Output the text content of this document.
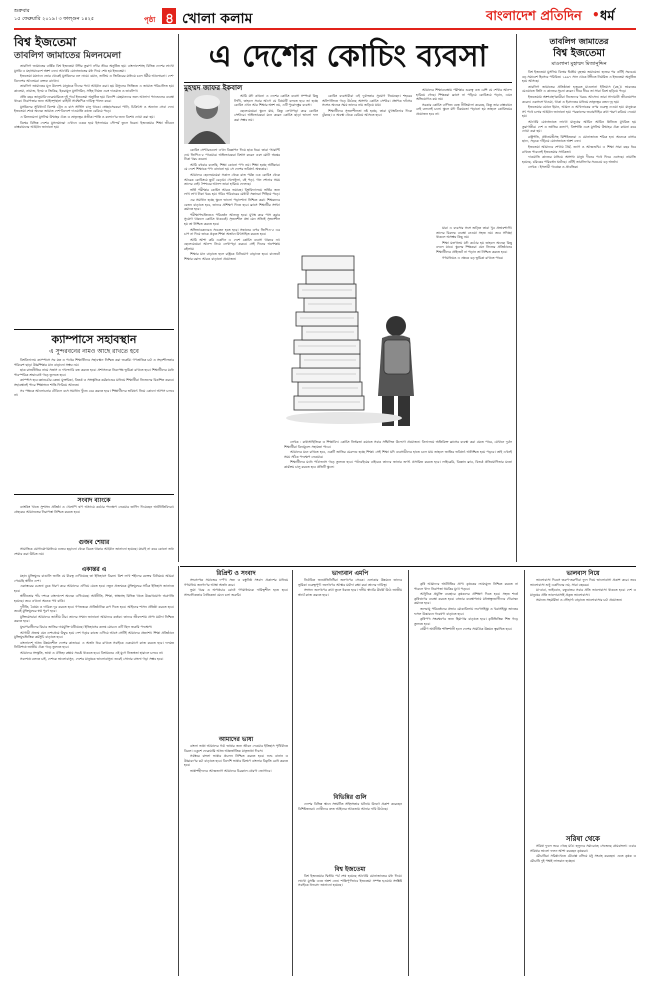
শুক্রবার
১৫ ফেব্রুয়ারি ২০১৯। ৩ ফাল্গুন ১৪২৫	পৃষ্ঠা ৪ খোলা কলাম	বাংলাদেশ প্রতিদিন • ধর্ম
বিশ্ব ইজতেমা
তাবলিগ জামাতের মিলনমেলা

তাবলিগ জামাতের বার্ষিক বিশ্ব ইজতেমা টঙ্গীর তুরাগ নদীর তীরে অনুষ্ঠিত হয়। বাংলাদেশসহ বিভিন্ন দেশের লাখো মুসল্লি এ মহাসমাবেশে অংশ নেন। আখেরি মোনাজাতের মধ্য দিয়ে শেষ হয় ইজতেমা।

ইজতেমা ময়দানে ভোর থেকেই মুসল্লিদের ঢল নামে। বয়ান, তালিম ও জিকিরের মাধ্যমে চলে ধর্মীয় আলোচনা। দেশ-বিদেশের আলেমরা বক্তব্য রাখেন।

তাবলিগ জামাতের মূল উদ্দেশ্য মানুষকে দীনের পথে আহ্বান করা। ছয় উসুলের ভিত্তিতে এ জামাত পরিচালিত হয়। কালেমা, নামাজ, ইলম ও জিকির, ইকরামুল মুসলিমিন, সহিহ নিয়ত এবং দাওয়াত ও তাবলিগ।

প্রতি বছর জানুয়ারি-ফেব্রুয়ারিতে দুই পর্বে ইজতেমা অনুষ্ঠিত হয়। বিদেশি মেহমানদের জন্য আলাদা প্যান্ডেলের ব্যবস্থা থাকে। নিরাপত্তার জন্য আইনশৃঙ্খলা বাহিনী সার্বক্ষণিক দায়িত্ব পালন করে।

মুসল্লিদের সুবিধার্থে বিশেষ ট্রেন ও বাস সার্ভিস চালু থাকে। স্বেচ্ছাসেবকরা পানি, চিকিৎসা ও অন্যান্য সেবা দেন। ইজতেমা শেষে অনেক জামাত দেশ-বিদেশে দাওয়াতি কাজে বেরিয়ে পড়ে।

এ মিলনমেলা মুসলিম উম্মাহর ঐক্য ও ভ্রাতৃত্বের প্রতীক। শান্তি ও কল্যাণের জন্য বিশেষ দোয়া করা হয়।

বিশ্বের বিভিন্ন দেশের মুসলমানরা এখানে একত্র হয়ে ইসলামের সৌন্দর্য তুলে ধরেন। ইজতেমার শিক্ষা জীবনে বাস্তবায়নের আহ্বান জানানো হয়।

ক্যাম্পাসে সহাবস্থান
এ সুন্দরবনের নামও আছে রাখতে হবে

বিশ্ববিদ্যালয় ক্যাম্পাসে সব মত ও পথের শিক্ষার্থীদের সহাবস্থান নিশ্চিত করা জরুরি। গণতান্ত্রিক চর্চা ও সহনশীলতার পরিবেশ ছাড়া উচ্চশিক্ষার মান বাড়ানো সম্ভব নয়।

ছাত্র রাজনীতির নামে সন্ত্রাস ও দখলদারি বন্ধ করতে হবে। প্রশাসনকে নিরপেক্ষ ভূমিকা রাখতে হবে। শিক্ষার্থীদের মধ্যে পারস্পরিক শ্রদ্ধাবোধ গড়ে তুলতে হবে।

ক্যাম্পাস হবে জ্ঞানচর্চার কেন্দ্র। মুক্তচিন্তা, বিতর্ক ও সাংস্কৃতিক কর্মকাণ্ডের মাধ্যমে শিক্ষার্থীরা নিজেদের বিকশিত করবে। সহাবস্থানই পারে শিক্ষাঙ্গনে শান্তি ফিরিয়ে আনতে।

সব পক্ষকে আলোচনার টেবিলে বসে সমাধান খুঁজে বের করতে হবে। শিক্ষার্থীদের ভবিষ্যৎ নিয়ে কোনো আপস চলবে না।

সংবাদ ব্যাংকে

ব্যাংকিং খাতে সুশাসন প্রতিষ্ঠা ও খেলাপি ঋণ আদায়ে কঠোর পদক্ষেপ নেওয়ার তাগিদ দিয়েছেন অর্থনীতিবিদরা। গ্রাহকের আমানতের নিরাপত্তা নিশ্চিত করতে হবে।

গুজব শেয়ার

সামাজিক যোগাযোগমাধ্যমে গুজব ছড়ানো থেকে বিরত থাকার আহ্বান জানানো হয়েছে। যাচাই না করে কোনো তথ্য শেয়ার করা উচিত নয়।

এ দেশের কোচিং ব্যবসা
মুহম্মদ জাফর ইকবাল

আমি যদি কখনো এ দেশের কোচিং ব্যবসা সম্পর্কে কিছু লিখি, তাহলে সবার আগে যে বিষয়টি বলতে হবে তা হচ্ছে কোচিং এখন আর শিক্ষার অংশ নয়, এটি পুরোদস্তুর ব্যবসা।

ছেলেমেয়েরা স্কুলে যায়, কিন্তু লেখাপড়া করে কোচিং সেন্টারে। অভিভাবকরা মনে করেন কোচিং ছাড়া ভালো ফল করা সম্ভব নয়।

কোচিং ব্যবসায়ীরা এই দুর্বলতার সুযোগ নিয়েছেন। শহরের অলিগলিতে গড়ে উঠেছে অসংখ্য কোচিং সেন্টার। প্রশ্নপত্র ফাঁসের সঙ্গেও অনেক সময় তাদের নাম জড়িয়ে যায়।

শিক্ষার্থীদের সৃজনশীলতা নষ্ট হচ্ছে, তারা মুখস্থবিদ্যার দিকে ঝুঁকছে। এ অবস্থা থেকে বেরিয়ে আসতে হবে।

আমাদের শিক্ষাব্যবস্থায় পরীক্ষার গুরুত্ব এত বেশি যে শেখার আনন্দ হারিয়ে গেছে। শিক্ষকরা ক্লাসে না পড়িয়ে কোচিংয়ে পড়ান, এমন অভিযোগও কম নয়।

সরকার কোচিং বাণিজ্য বন্ধে নীতিমালা করেছে, কিন্তু তার বাস্তবায়ন নেই বললেই চলে। স্কুলে যদি ঠিকমতো পড়ানো হয় তাহলে কোচিংয়ের প্রয়োজন হবে না।

কোচিং সেন্টারগুলো এখন বিজ্ঞাপন দিয়ে ছাত্র ধরে। তারা গ্যারান্টি দেয় জিপিএ-৫ পাওয়ার। অভিভাবকরা বিশ্বাস করেন এবং মোটা অঙ্কের টাকা খরচ করেন।

আমি বহুবার বলেছি, শিক্ষা কোনো পণ্য নয়। শিক্ষা হচ্ছে অধিকার। যে দেশে শিক্ষাকে পণ্য বানানো হয় সে দেশের ভবিষ্যৎ অন্ধকার।

আমাদের ছেলেমেয়েরা সকাল থেকে রাত পর্যন্ত এক কোচিং থেকে আরেক কোচিংয়ে ছুটে বেড়ায়। খেলাধুলা, বই পড়া, গান শোনার সময় তাদের নেই। শৈশবের আনন্দ তারা হারিয়ে ফেলছে।

ভর্তি পরীক্ষার কোচিং আরও ভয়াবহ। বিশ্ববিদ্যালয়ে ভর্তির জন্য লাখ লাখ টাকা খরচ হয়। গরিব পরিবারের মেধাবী সন্তানরা পিছিয়ে পড়ে।

এর সমাধান হচ্ছে স্কুলে ভালো পড়াশোনা নিশ্চিত করা। শিক্ষকদের বেতন বাড়াতে হবে, তাদের প্রশিক্ষণ দিতে হবে। ক্লাসে শিক্ষার্থীর সংখ্যা কমাতে হবে।

পরীক্ষাপদ্ধতিতেও পরিবর্তন আনতে হবে। মুখস্থ করে পাস করার সুযোগ থাকলে কোচিং থাকবেই। সৃজনশীল প্রশ্ন যেন সত্যিই সৃজনশীল হয় তা নিশ্চিত করতে হবে।

অভিভাবকদেরও সচেতন হতে হবে। সন্তানের ওপর জিপিএ-৫ এর চাপ না দিয়ে তাকে প্রকৃত শিক্ষা অর্জনে উৎসাহিত করতে হবে।

আমি আশা করি একদিন এ দেশে কোচিং ব্যবসা থাকবে না। ছেলেমেয়েরা আনন্দ নিয়ে লেখাপড়া করবে। সেই দিনের অপেক্ষায় রইলাম।

শিক্ষার মান বাড়াতে হলে রাষ্ট্রকে বিনিয়োগ বাড়াতে হবে। বাজেটে শিক্ষার বরাদ্দ আরও বাড়ানো প্রয়োজন।

যারা এ ব্যবসার সঙ্গে জড়িত তারা খুব প্রভাবশালী। তাদের বিরুদ্ধে ব্যবস্থা নেওয়া সহজ নয়। তবে সদিচ্ছা থাকলে অসম্ভব কিছু নয়।

শিক্ষা মন্ত্রণালয় যদি কঠোর হয় তাহলে অনেক কিছু বদলে যাবে। স্কুলের শিক্ষকরা যেন নিজের প্রতিষ্ঠানের শিক্ষার্থীদের প্রাইভেট না পড়ান তা নিশ্চিত করতে হবে।

গণমাধ্যমও এ ক্ষেত্রে বড় ভূমিকা রাখতে পারে।

লেখক : কথাসাহিত্যিক ও শিক্ষাবিদ। কোচিং নির্ভরতা কমাতে সবার সম্মিলিত উদ্যোগ প্রয়োজন। বিদ্যালয়ে অতিরিক্ত ক্লাসের ব্যবস্থা করা যেতে পারে, যেখানে দুর্বল শিক্ষার্থীরা বিনামূল্যে সহায়তা পাবে।

আমাদের মনে রাখতে হবে, একটি জাতির মেরুদণ্ড হচ্ছে শিক্ষা। সেই শিক্ষা যদি ব্যবসায়ীদের হাতে চলে যায় তাহলে জাতির ভবিষ্যৎ অনিশ্চিত হয়ে পড়বে। তাই এখনই সময় সঠিক পদক্ষেপ নেওয়ার।

শিক্ষার্থীদের মধ্যে পাঠাভ্যাস গড়ে তুলতে হবে। পাঠ্যবইয়ের বাইরেও তাদের জানার জগৎ প্রসারিত করতে হবে। লাইব্রেরি, বিজ্ঞান ক্লাব, বিতর্ক প্রতিযোগিতার মতো কার্যক্রম চালু করতে হবে প্রতিটি স্কুলে।

তাবলিগ জামাতের
বিশ্ব ইজতেমা
মাওলানা মুহাম্মদ মিজানুদ্দিন

বিশ্ব ইজতেমা মুসলিম বিশ্বের দ্বিতীয় বৃহত্তম জমায়েত। হজের পর এটিই সবচেয়ে বড় সমাবেশ হিসেবে পরিচিত। ১৯৬৭ সাল থেকে টঙ্গীতে নিয়মিত এ ইজতেমা অনুষ্ঠিত হয়ে আসছে।

তাবলিগ জামাতের প্রতিষ্ঠাতা হজরত মাওলানা ইলিয়াস (রহ.)। ভারতের মেওয়াতে তিনি এ কাজের সূচনা করেন। ধীরে ধীরে তা সারা বিশ্বে ছড়িয়ে পড়ে।

ইজতেমায় অংশগ্রহণকারীরা নিজেদের খরচে আসেন। তারা সাদামাটা জীবনযাপন করেন। একসঙ্গে খাওয়া, থাকা ও ইবাদতের মাধ্যমে ভ্রাতৃত্বের বন্ধন দৃঢ় হয়।

ইজতেমার বয়ানে ইমান, আমল ও আখলাকের ওপর গুরুত্ব দেওয়া হয়। মানুষকে সৎ পথে চলার আহ্বান জানানো হয়। পরকালের জবাবদিহির কথা স্মরণ করিয়ে দেওয়া হয়।

আখেরি মোনাজাতে লাখো মানুষের আমিন আমিন ধ্বনিতে মুখরিত হয় তুরাগতীর। দেশ ও জাতির কল্যাণ, বিশ্বশান্তি এবং মুসলিম উম্মাহর ঐক্য কামনা করে দোয়া করা হয়।

রাষ্ট্রপতি, প্রধানমন্ত্রীসহ বিশিষ্টজনরা এ মোনাজাতে শরিক হন। অনেকে বাসার ছাদে, সড়কে দাঁড়িয়ে মোনাজাতে অংশ নেন।

ইজতেমা আমাদের শেখায় ধৈর্য, ত্যাগ ও আত্মশুদ্ধি। এ শিক্ষা সারা বছর ধরে রাখতে পারলেই ইজতেমার সার্থকতা।

দাওয়াতি কাজের মাধ্যমে অসংখ্য মানুষ দীনের পথে ফিরে এসেছে। নামাজি হয়েছে, চরিত্রের পরিবর্তন ঘটেছে। এটিই তাবলিগের সবচেয়ে বড় অর্জন।

লেখক : ইসলামী গবেষক ও প্রাবন্ধিক।

একান্তর এ

মহান মুক্তিযুদ্ধে বাঙালি জাতি যে বীরত্ব দেখিয়েছে তা ইতিহাসে বিরল। ত্রিশ লাখ শহীদের রক্তের বিনিময়ে আমরা পেয়েছি স্বাধীন দেশ।

একাত্তরের চেতনা বুকে ধারণ করে আমাদের এগিয়ে যেতে হবে। নতুন প্রজন্মকে মুক্তিযুদ্ধের সঠিক ইতিহাস জানাতে হবে।

স্বাধীনতার পাঁচ দশকে বাংলাদেশ অনেক এগিয়েছে। অর্থনীতি, শিক্ষা, স্বাস্থ্যসহ বিভিন্ন খাতে উল্লেখযোগ্য অগ্রগতি হয়েছে। তবে এখনো অনেক পথ বাকি।

দুর্নীতি, বৈষম্য ও দারিদ্র্য দূর করতে হবে। গণতন্ত্রকে প্রাতিষ্ঠানিক রূপ দিতে হবে। আইনের শাসন প্রতিষ্ঠা করতে হবে। তবেই মুক্তিযুদ্ধের স্বপ্ন পূরণ হবে।

মুক্তিযোদ্ধারা আমাদের জাতীয় বীর। তাদের সম্মান জানানো আমাদের কর্তব্য। তাদের জীবদ্দশায় প্রাপ্য মর্যাদা নিশ্চিত করতে হবে।

যুদ্ধাপরাধীদের বিচার জাতির দায়মুক্তি ঘটিয়েছে। ইতিহাসের কলঙ্ক মোচনে এটি ছিল জরুরি পদক্ষেপ।

আগামী প্রজন্ম যেন দেশপ্রেমে উদ্বুদ্ধ হয়ে দেশ গড়ার কাজে এগিয়ে আসে সেটিই আমাদের প্রত্যাশা। শিক্ষা প্রতিষ্ঠানে মুক্তিযুদ্ধভিত্তিক কর্মসূচি বাড়াতে হবে।

বাংলাদেশ আজ উন্নয়নশীল দেশের কাতারে। এ অর্জন ধরে রাখতে সবাইকে একযোগে কাজ করতে হবে। দলমত নির্বিশেষে জাতীয় ঐক্য গড়ে তুলতে হবে।

আমাদের সংস্কৃতি, ভাষা ও ঐতিহ্য রক্ষায় সচেষ্ট থাকতে হবে। বিশ্বায়নের এই যুগে নিজস্বতা হারালে চলবে না।

সবশেষে বলতে চাই, দেশকে ভালোবাসুন, দেশের মানুষকে ভালোবাসুন। তবেই সোনার বাংলা গড়া সম্ভব হবে।

রিপ্রিন্ট ও সংবাদ

সংবাদপত্র সমাজের দর্পণ। সত্য ও বস্তুনিষ্ঠ সংবাদ প্রকাশের মাধ্যমে গণমাধ্যম জনগণের আস্থা অর্জন করে।

ভুয়া খবর ও অপপ্রচার রোধে গণমাধ্যমকে দায়িত্বশীল হতে হবে। সাংবাদিকতার নৈতিকতা মেনে চলা জরুরি।

আমাদের ভাষা

বাংলা ভাষা আমাদের গর্ব। ভাষার জন্য জীবন দেওয়ার ইতিহাস পৃথিবীতে বিরল। একুশে ফেব্রুয়ারি আজ আন্তর্জাতিক মাতৃভাষা দিবস।

সর্বস্তরে বাংলা ভাষার প্রচলন নিশ্চিত করতে হবে। শুদ্ধ বানান ও উচ্চারণের চর্চা বাড়াতে হবে। বিদেশি ভাষার মিশ্রণে বাংলার বিকৃতি রোধ করতে হবে।

ভাষাশহীদদের আত্মত্যাগ আমাদের চিরকাল প্রেরণা জোগাবে।

ভাগ্যবান এমপি

নির্বাচিত জনপ্রতিনিধিরা জনগণের সেবক। এলাকার উন্নয়নে তাদের ভূমিকা গুরুত্বপূর্ণ। জনগণের আস্থার মর্যাদা রক্ষা করা তাদের দায়িত্ব।

সংসদে জনগণের কথা তুলে ধরতে হবে। দলীয় স্বার্থের ঊর্ধ্বে উঠে জাতীয় স্বার্থে কাজ করতে হবে।

বিভিন্নির গুলি

দেশের বিভিন্ন স্থানে সংঘটিত সহিংসতার ঘটনায় উদ্বেগ প্রকাশ করেছেন বিশিষ্টজনরা। দোষীদের দ্রুত আইনের আওতায় আনার দাবি উঠেছে।

বিশ্ব ইজতেমা

বিশ্ব ইজতেমার দ্বিতীয় পর্ব শেষ হয়েছে আখেরি মোনাজাতের মধ্য দিয়ে। লাখো মুসল্লি এতে অংশ নেন। শান্তিপূর্ণভাবে ইজতেমা সম্পন্ন হওয়ায় সংশ্লিষ্ট সবাইকে ধন্যবাদ জানানো হয়েছে।

কৃষি আমাদের অর্থনীতির প্রাণ। কৃষকের ন্যায্যমূল্য নিশ্চিত করতে না পারলে খাদ্য নিরাপত্তা হুমকির মুখে পড়বে।

আধুনিক প্রযুক্তি ব্যবহারে কৃষকদের প্রশিক্ষণ দিতে হবে। সহজ শর্তে কৃষিঋণের ব্যবস্থা করতে হবে। বাজার ব্যবস্থাপনায় মধ্যস্বত্বভোগীদের দৌরাত্ম্য কমাতে হবে।

জলবায়ু পরিবর্তনের প্রভাব মোকাবিলায় লবণসহিষ্ণু ও খরাসহিষ্ণু জাতের ফসল উদ্ভাবনে গবেষণা বাড়াতে হবে।

কৃষিপণ্য সংরক্ষণের জন্য হিমাগার বাড়াতে হবে। কৃষিভিত্তিক শিল্প গড়ে তুলতে হবে।

গ্রামীণ অর্থনীতি শক্তিশালী হলে দেশের সামগ্রিক উন্নয়ন ত্বরান্বিত হবে।

ভালবাস নিয়ে

ভালোবাসা দিবসে তরুণ-তরুণীরা ফুল দিয়ে ভালোবাসা প্রকাশ করে। তবে ভালোবাসা শুধু একদিনের নয়, সারা বছরের।

মা-বাবা, ভাইবোন, বন্ধুবান্ধব সবার প্রতি ভালোবাসা থাকতে হবে। দেশ ও মানুষের প্রতি ভালোবাসাই প্রকৃত ভালোবাসা।

সমাজে সহমর্মিতা ও সৌহার্দ্য বাড়াতে ভালোবাসার চর্চা প্রয়োজন।

সরিষা থেকে

সরিষা ফুলে ভরে গেছে মাঠ। হলুদের সমারোহে সেজেছে গ্রামবাংলা। এবার সরিষার ভালো ফলন আশা করছেন কৃষকরা।

মৌচাষিরা সরিষাখেতে মৌবাক্স বসিয়ে মধু সংগ্রহ করছেন। এতে কৃষক ও মৌচাষি দুই পক্ষই লাভবান হচ্ছেন।
